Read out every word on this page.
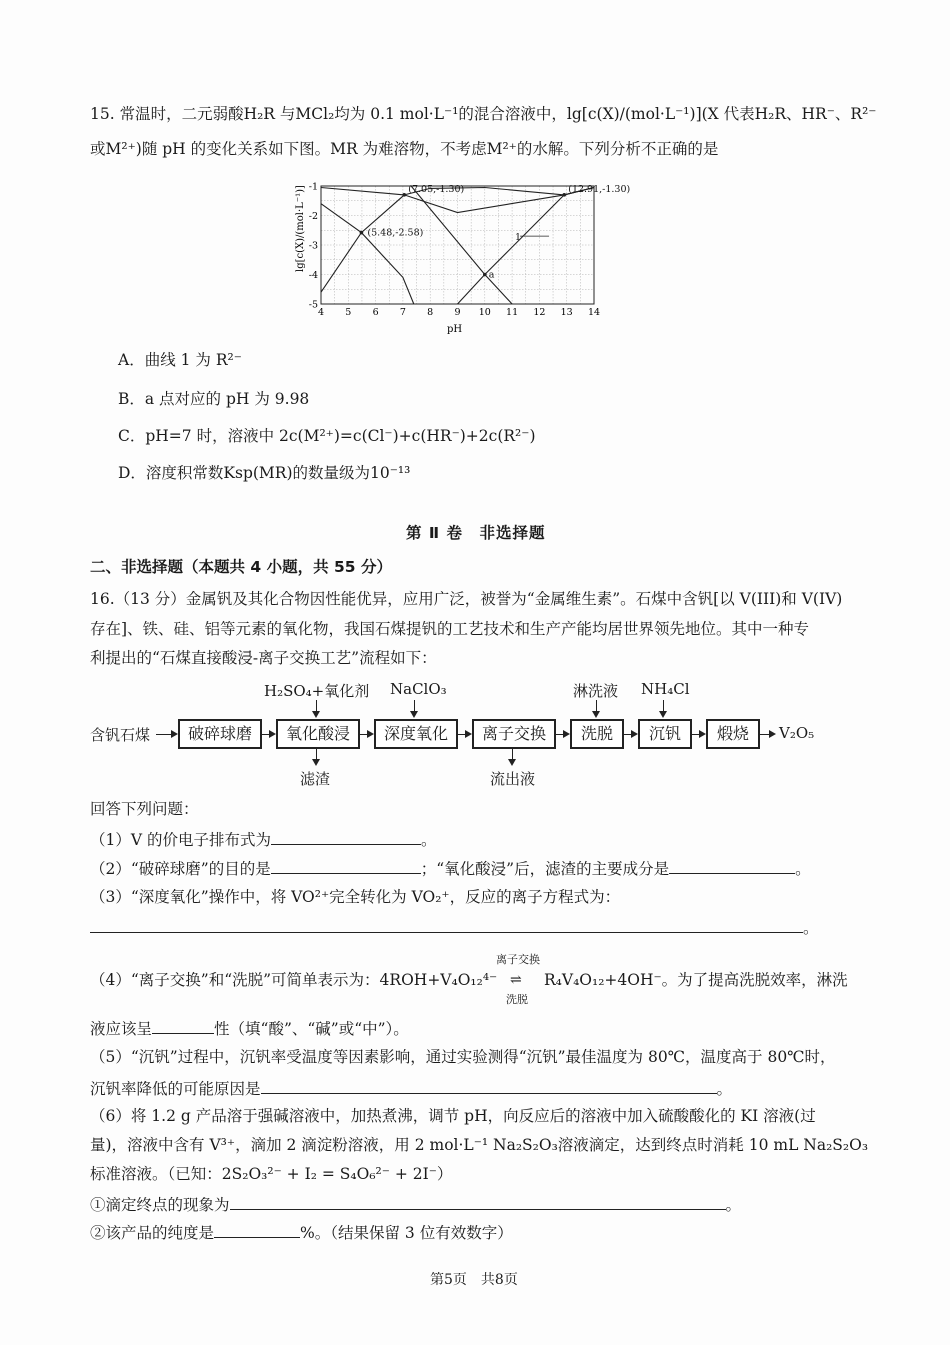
15. 常温时，二元弱酸H₂R 与MCl₂均为 0.1 mol·L⁻¹的混合溶液中，lg[c(X)/(mol·L⁻¹)](X 代表H₂R、HR⁻、R²⁻
或M²⁺)随 pH 的变化关系如下图。MR 为难溶物，不考虑M²⁺的水解。下列分析不正确的是
4 5 6 7 8 9 10 11 12 13 14
-1
-2
-3
-4
-5
(5.48,-2.58)
(7.05,-1.30)	(12.91,-1.30)
a
1
lg[c(X)/(mol·L⁻¹)]
pH
A．曲线 1 为 R²⁻
B．a 点对应的 pH 为 9.98
C．pH=7 时，溶液中 2c(M²⁺)=c(Cl⁻)+c(HR⁻)+2c(R²⁻)
D．溶度积常数Ksp(MR)的数量级为10⁻¹³
第 Ⅱ 卷　非选择题
二、非选择题（本题共 4 小题，共 55 分）
16.（13 分）金属钒及其化合物因性能优异，应用广泛，被誉为“金属维生素”。石煤中含钒[以 V(III)和 V(IV)
存在]、铁、硅、铝等元素的氧化物，我国石煤提钒的工艺技术和生产产能均居世界领先地位。其中一种专
利提出的“石煤直接酸浸-离子交换工艺”流程如下：
含钒石煤	破碎球磨	氧化酸浸	深度氧化	离子交换	洗脱	沉钒	煅烧	V₂O₅
H₂SO₄+氧化剂 NaClO₃	淋洗液 NH₄Cl
滤渣	流出液
回答下列问题：
（1）V 的价电子排布式为	。
（2）“破碎球磨”的目的是	；“氧化酸浸”后，滤渣的主要成分是	。
（3）“深度氧化”操作中，将 VO²⁺完全转化为 VO₂⁺，反应的离子方程式为：
。
（4）“离子交换”和“洗脱”可简单表示为：4ROH+V₄O₁₂⁴⁻
离子交换
⇌
洗脱
R₄V₄O₁₂+4OH⁻。为了提高洗脱效率，淋洗
液应该呈	性（填“酸”、“碱”或“中”）。
（5）“沉钒”过程中，沉钒率受温度等因素影响，通过实验测得“沉钒”最佳温度为 80℃，温度高于 80℃时，
沉钒率降低的可能原因是	。
（6）将 1.2 g 产品溶于强碱溶液中，加热煮沸，调节 pH，向反应后的溶液中加入硫酸酸化的 KI 溶液(过
量)，溶液中含有 V³⁺，滴加 2 滴淀粉溶液，用 2 mol·L⁻¹ Na₂S₂O₃溶液滴定，达到终点时消耗 10 mL Na₂S₂O₃
标准溶液。（已知：2S₂O₃²⁻ + I₂ = S₄O₆²⁻ + 2I⁻）
①滴定终点的现象为	。
②该产品的纯度是	%。（结果保留 3 位有效数字）
第5页　共8页
